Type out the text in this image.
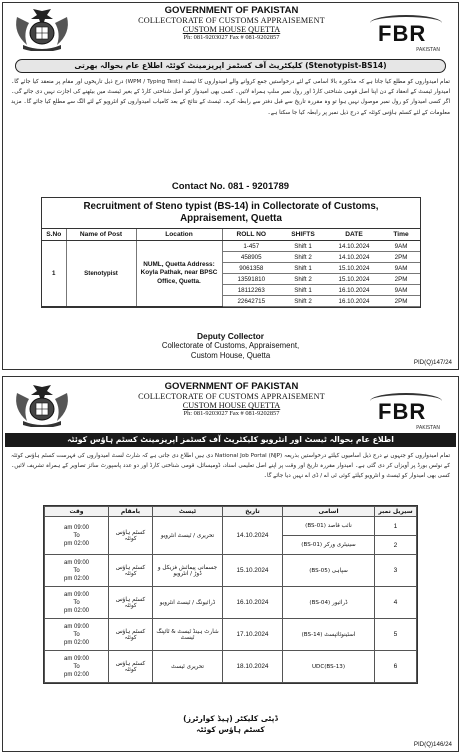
GOVERNMENT OF PAKISTAN
COLLECTORATE OF CUSTOMS APPRAISEMENT
CUSTOM HOUSE QUETTA
Ph: 081-9203027 Fax # 081-9202857	FBR
PAKISTAN
کلیکٹریٹ آف کسٹمز اپریزمینٹ کوئٹہ اطلاع عام بحوالہ بھرتی (Stenotypist-BS14)
تمام امیدواروں کو مطلع کیا جاتا ہے کہ مذکورہ بالا اسامی کے لئے درخواستیں جمع کروانے والے امیدواروں کا ٹیسٹ (WPM / Typing Test) درج ذیل تاریخوں اور مقام پر منعقد کیا جائے گا۔ امیدوار ٹیسٹ کے انعقاد کے دن اپنا اصل قومی شناختی کارڈ اور رول نمبر سلپ ہمراہ لائیں۔ کسی بھی امیدوار کو اصل شناختی کارڈ کے بغیر ٹیسٹ میں بیٹھنے کی اجازت نہیں دی جائے گی۔ اگر کسی امیدوار کو رول نمبر موصول نہیں ہوا تو وہ مقررہ تاریخ سے قبل دفتر سے رابطہ کرے۔ ٹیسٹ کے نتائج کے بعد کامیاب امیدواروں کو انٹرویو کے لئے الگ سے مطلع کیا جائے گا۔ مزید معلومات کے لئے کسٹم ہاؤس کوئٹہ کے درج ذیل نمبر پر رابطہ کیا جا سکتا ہے۔
Contact No. 081 - 9201789
Recruitment of Steno typist (BS-14) in Collectorate of Customs,
Appraisement, Quetta
S.No	Name of Post	Location	ROLL NO	SHIFTS	DATE	Time
1	Stenotypist	NUML, Quetta Address: Koyla Pathak, near BPSC Office, Quetta.	1-457	Shift 1	14.10.2024	9AM
			458905	Shift 2	14.10.2024	2PM
			9061358	Shift 1	15.10.2024	9AM
			13591810	Shift 2	15.10.2024	2PM
			18112263	Shift 1	16.10.2024	9AM
			22642715	Shift 2	16.10.2024	2PM
Deputy Collector
Collectorate of Customs, Appraisement,
Custom House, Quetta
PID(Q)147/24
GOVERNMENT OF PAKISTAN
COLLECTORATE OF CUSTOMS APPRAISEMENT
CUSTOM HOUSE QUETTA
Ph: 081-9203027 Fax # 081-9202857	FBR
PAKISTAN
اطلاع عام بحوالہ ٹیسٹ اور انٹرویو کلیکٹریٹ آف کسٹمز اپریزمینٹ کسٹم ہاؤس کوئٹہ
تمام امیدواروں کو جنہوں نے درج ذیل اسامیوں کیلئے درخواستیں بذریعہ National Job Portal (NJP) دی ہیں اطلاع دی جاتی ہے کہ شارٹ لسٹ امیدواروں کی فہرست کسٹم ہاؤس کوئٹہ کے نوٹس بورڈ پر آویزاں کر دی گئی ہے۔ امیدوار مقررہ تاریخ اور وقت پر اپنے اصل تعلیمی اسناد، ڈومیسائل، قومی شناختی کارڈ اور دو عدد پاسپورٹ سائز تصاویر کے ہمراہ تشریف لائیں۔ کسی بھی امیدوار کو ٹیسٹ و انٹرویو کیلئے کوئی ٹی اے / ڈی اے نہیں دیا جائے گا۔
سیریل نمبر	اسامی	تاریخ	ٹیسٹ	بامقام	وقت
1	نائب قاصد (BS-01)	14.10.2024	تحریری / ٹیسٹ انٹرویو	کسٹم ہاؤس کوئٹہ	09:00 am
To
02:00 pm

2	سینیٹری ورکر (BS-01)				
3	سپاہی (BS-05)	15.10.2024	جسمانی پیمائش فزیکل و ڈوڑ / انٹرویو	کسٹم ہاؤس کوئٹہ	09:00 am
To
02:00 pm

4	ڈرائیور (BS-04)	16.10.2024	ڈرائیونگ / ٹیسٹ انٹرویو	کسٹم ہاؤس کوئٹہ	09:00 am
To
02:00 pm

5	اسٹینوٹائپسٹ (BS-14)	17.10.2024	شارٹ ہینڈ ٹیسٹ & ٹائپنگ ٹیسٹ	کسٹم ہاؤس کوئٹہ	09:00 am
To
02:00 pm

6	UDC(BS-13)	18.10.2024	تحریری ٹیسٹ	کسٹم ہاؤس کوئٹہ	09:00 am
To
02:00 pm
ڈپٹی کلیکٹر (ہیڈ کوارٹرز)
کسٹم ہاؤس کوئٹہ
PID(Q)146/24
